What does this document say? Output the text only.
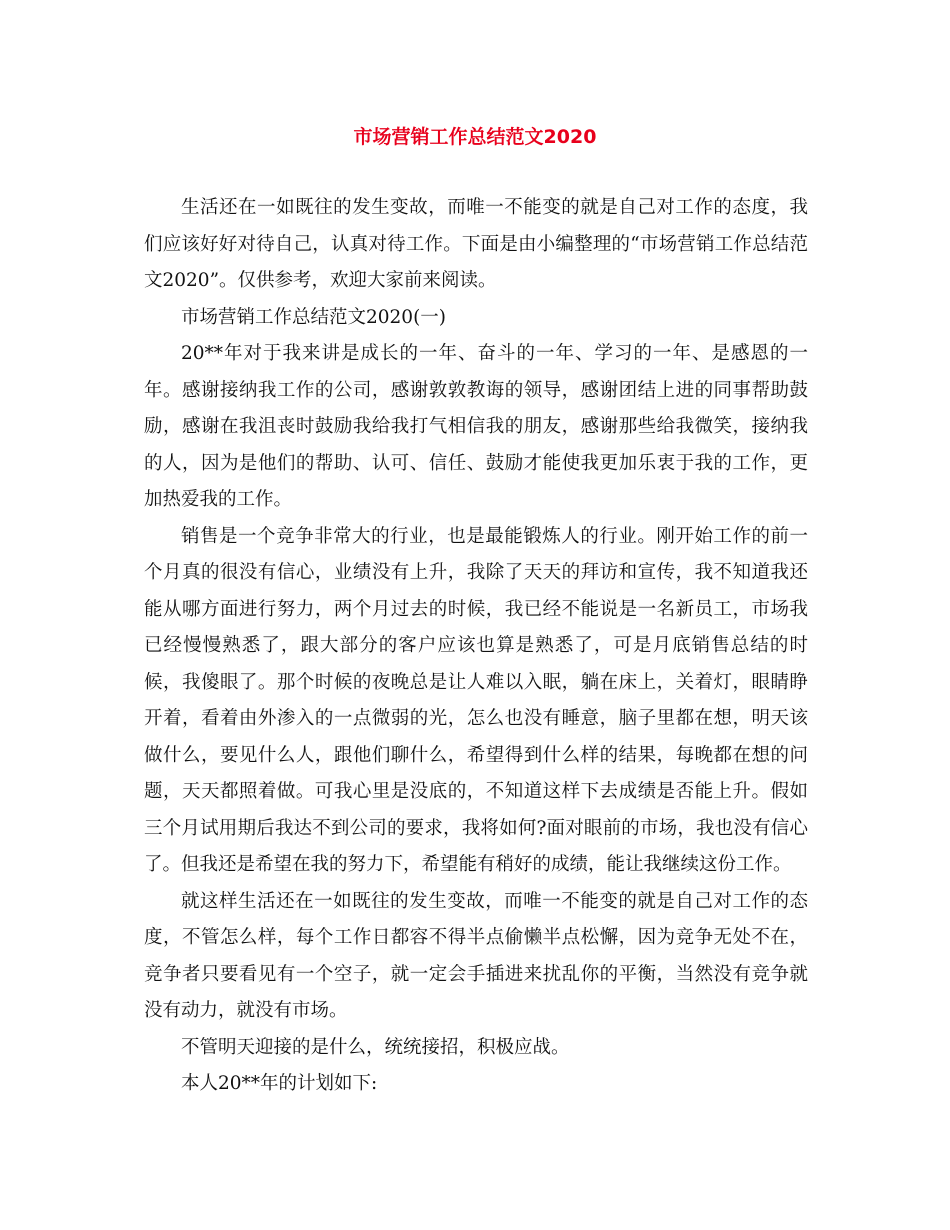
市场营销工作总结范文2020

生活还在一如既往的发生变故，而唯一不能变的就是自己对工作的态度，我们应该好好对待自己，认真对待工作。下面是由小编整理的“市场营销工作总结范文2020”。仅供参考，欢迎大家前来阅读。

市场营销工作总结范文2020(一)

20**年对于我来讲是成长的一年、奋斗的一年、学习的一年、是感恩的一年。感谢接纳我工作的公司，感谢敦敦教诲的领导，感谢团结上进的同事帮助鼓励，感谢在我沮丧时鼓励我给我打气相信我的朋友，感谢那些给我微笑，接纳我的人，因为是他们的帮助、认可、信任、鼓励才能使我更加乐衷于我的工作，更加热爱我的工作。

销售是一个竞争非常大的行业，也是最能锻炼人的行业。刚开始工作的前一个月真的很没有信心，业绩没有上升，我除了天天的拜访和宣传，我不知道我还能从哪方面进行努力，两个月过去的时候，我已经不能说是一名新员工，市场我已经慢慢熟悉了，跟大部分的客户应该也算是熟悉了，可是月底销售总结的时候，我傻眼了。那个时候的夜晚总是让人难以入眠，躺在床上，关着灯，眼睛睁开着，看着由外渗入的一点微弱的光，怎么也没有睡意，脑子里都在想，明天该做什么，要见什么人，跟他们聊什么，希望得到什么样的结果，每晚都在想的问题，天天都照着做。可我心里是没底的，不知道这样下去成绩是否能上升。假如三个月试用期后我达不到公司的要求，我将如何?面对眼前的市场，我也没有信心了。但我还是希望在我的努力下，希望能有稍好的成绩，能让我继续这份工作。

就这样生活还在一如既往的发生变故，而唯一不能变的就是自己对工作的态度，不管怎么样，每个工作日都容不得半点偷懒半点松懈，因为竞争无处不在，竞争者只要看见有一个空子，就一定会手插进来扰乱你的平衡，当然没有竞争就没有动力，就没有市场。

不管明天迎接的是什么，统统接招，积极应战。

本人20**年的计划如下:
